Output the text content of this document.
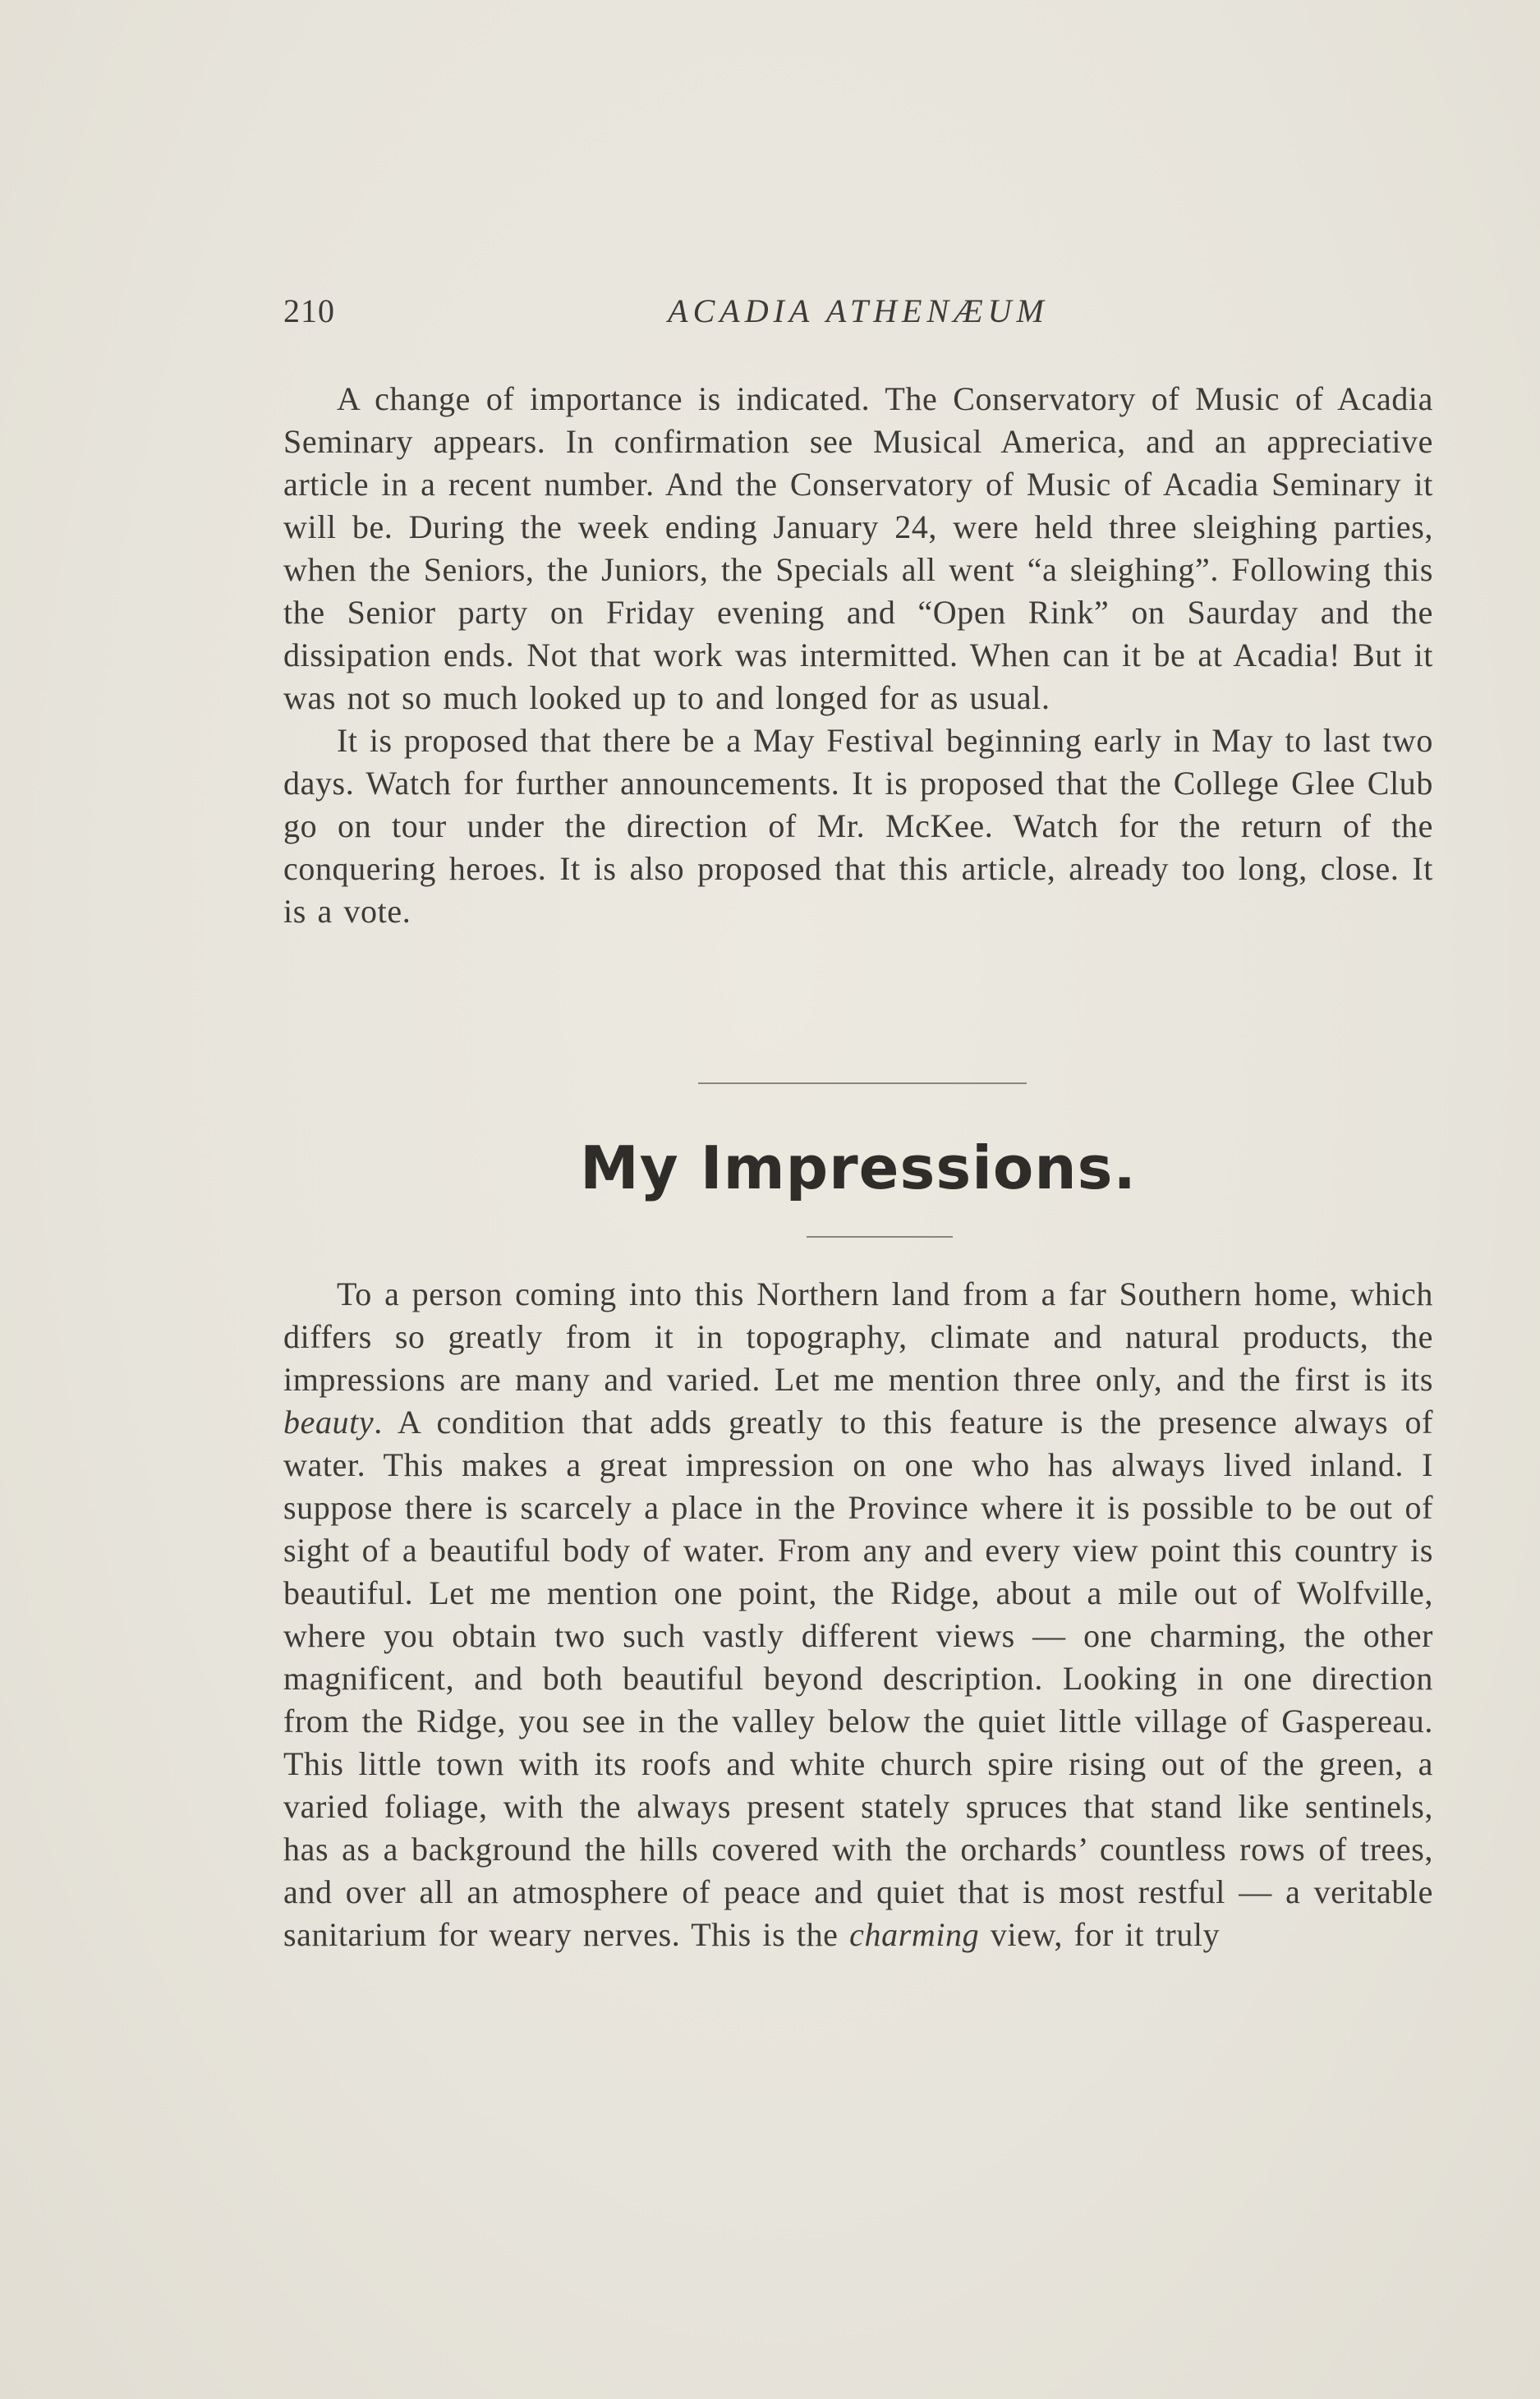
210	ACADIA ATHENÆUM

A change of importance is indicated. The Conservatory of Music of Acadia Seminary appears. In confirmation see Musical America, and an appreciative article in a recent number. And the Conservatory of Music of Acadia Seminary it will be. During the week ending January 24, were held three sleighing parties, when the Seniors, the Juniors, the Specials all went “a sleighing”. Following this the Senior party on Friday evening and “Open Rink” on Saurday and the dissipation ends. Not that work was intermitted. When can it be at Acadia! But it was not so much looked up to and longed for as usual.

It is proposed that there be a May Festival beginning early in May to last two days. Watch for further announcements. It is proposed that the College Glee Club go on tour under the direction of Mr. McKee. Watch for the return of the conquering heroes. It is also proposed that this article, already too long, close. It is a vote.

My Impressions.

To a person coming into this Northern land from a far Southern home, which differs so greatly from it in topography, climate and natural products, the impressions are many and varied. Let me mention three only, and the first is its beauty. A condition that adds greatly to this feature is the presence always of water. This makes a great impression on one who has always lived inland. I suppose there is scarcely a place in the Province where it is possible to be out of sight of a beautiful body of water. From any and every view point this country is beautiful. Let me mention one point, the Ridge, about a mile out of Wolfville, where you obtain two such vastly different views — one charming, the other magnificent, and both beautiful beyond description. Looking in one direction from the Ridge, you see in the valley below the quiet little village of Gaspereau. This little town with its roofs and white church spire rising out of the green, a varied foliage, with the always present stately spruces that stand like sentinels, has as a background the hills covered with the orchards’ countless rows of trees, and over all an atmosphere of peace and quiet that is most restful — a veritable sanitarium for weary nerves. This is the charming view, for it truly
